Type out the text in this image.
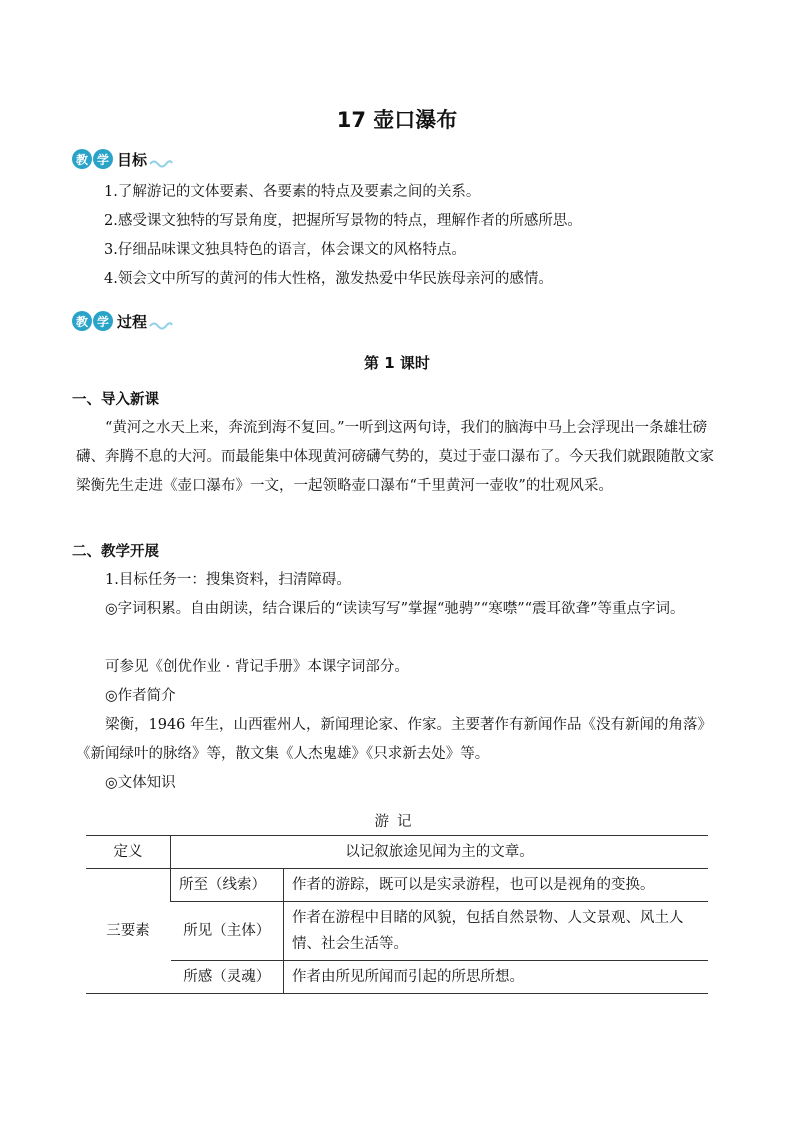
17 壶口瀑布
教 学 目标
1.了解游记的文体要素、各要素的特点及要素之间的关系。
2.感受课文独特的写景角度，把握所写景物的特点，理解作者的所感所思。
3.仔细品味课文独具特色的语言，体会课文的风格特点。
4.领会文中所写的黄河的伟大性格，激发热爱中华民族母亲河的感情。
教 学 过程
第 1 课时
一、导入新课

“黄河之水天上来，奔流到海不复回。”一听到这两句诗，我们的脑海中马上会浮现出一条雄壮磅礴、奔腾不息的大河。而最能集中体现黄河磅礴气势的，莫过于壶口瀑布了。今天我们就跟随散文家梁衡先生走进《壶口瀑布》一文，一起领略壶口瀑布“千里黄河一壶收”的壮观风采。

二、教学开展

1.目标任务一：搜集资料，扫清障碍。

◎字词积累。自由朗读，结合课后的“读读写写”掌握“驰骋”“寒噤”“震耳欲聋”等重点字词。

可参见《创优作业 · 背记手册》本课字词部分。

◎作者简介

梁衡，1946 年生，山西霍州人，新闻理论家、作家。主要著作有新闻作品《没有新闻的角落》《新闻绿叶的脉络》等，散文集《人杰鬼雄》《只求新去处》等。

◎文体知识

游记
定义	以记叙旅途见闻为主的文章。	
三要素	所至（线索）	作者的游踪，既可以是实录游程，也可以是视角的变换。
	所见（主体）	作者在游程中目睹的风貌，包括自然景物、人文景观、风土人情、社会生活等。
	所感（灵魂）	作者由所见所闻而引起的所思所想。
